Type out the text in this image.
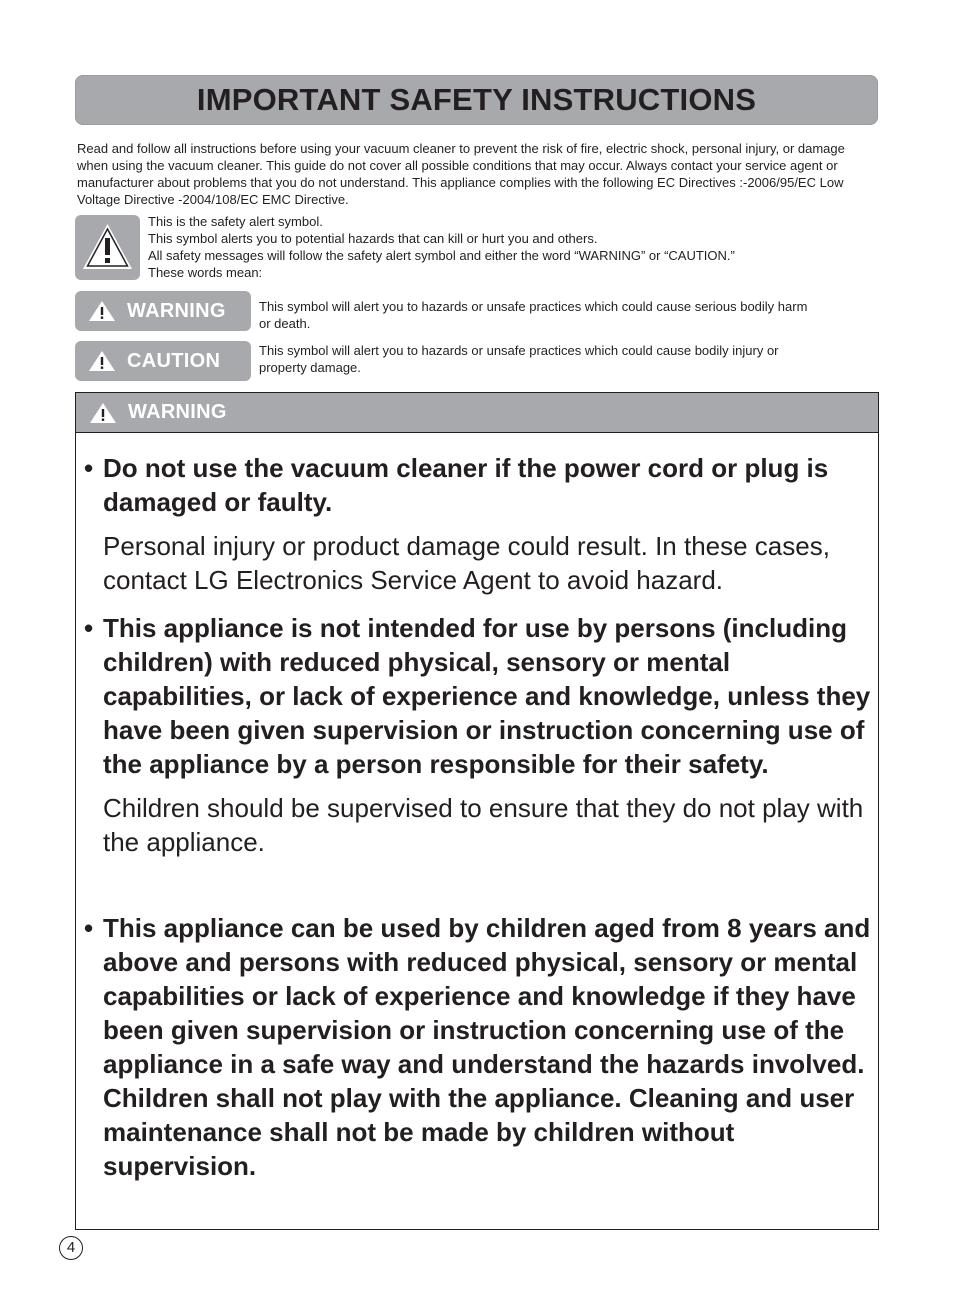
IMPORTANT SAFETY INSTRUCTIONS

Read and follow all instructions before using your vacuum cleaner to prevent the risk of fire, electric shock, personal injury, or damage when using the vacuum cleaner. This guide do not cover all possible conditions that may occur. Always contact your service agent or manufacturer about problems that you do not understand. This appliance complies with the following EC Directives :-2006/95/EC Low Voltage Directive -2004/108/EC EMC Directive.

This is the safety alert symbol.
This symbol alerts you to potential hazards that can kill or hurt you and others.
All safety messages will follow the safety alert symbol and either the word “WARNING” or “CAUTION.”
These words mean:
WARNING	This symbol will alert you to hazards or unsafe practices which could cause serious bodily harm or death.
CAUTION	This symbol will alert you to hazards or unsafe practices which could cause bodily injury or property damage.
WARNING
• Do not use the vacuum cleaner if the power cord or plug is damaged or faulty.
Personal injury or product damage could result. In these cases, contact LG Electronics Service Agent to avoid hazard.
• This appliance is not intended for use by persons (including children) with reduced physical, sensory or mental capabilities, or lack of experience and knowledge, unless they have been given supervision or instruction concerning use of the appliance by a person responsible for their safety.
Children should be supervised to ensure that they do not play with the appliance.
• This appliance can be used by children aged from 8 years and above and persons with reduced physical, sensory or mental capabilities or lack of experience and knowledge if they have been given supervision or instruction concerning use of the appliance in a safe way and understand the hazards involved. Children shall not play with the appliance. Cleaning and user maintenance shall not be made by children without supervision.
4
